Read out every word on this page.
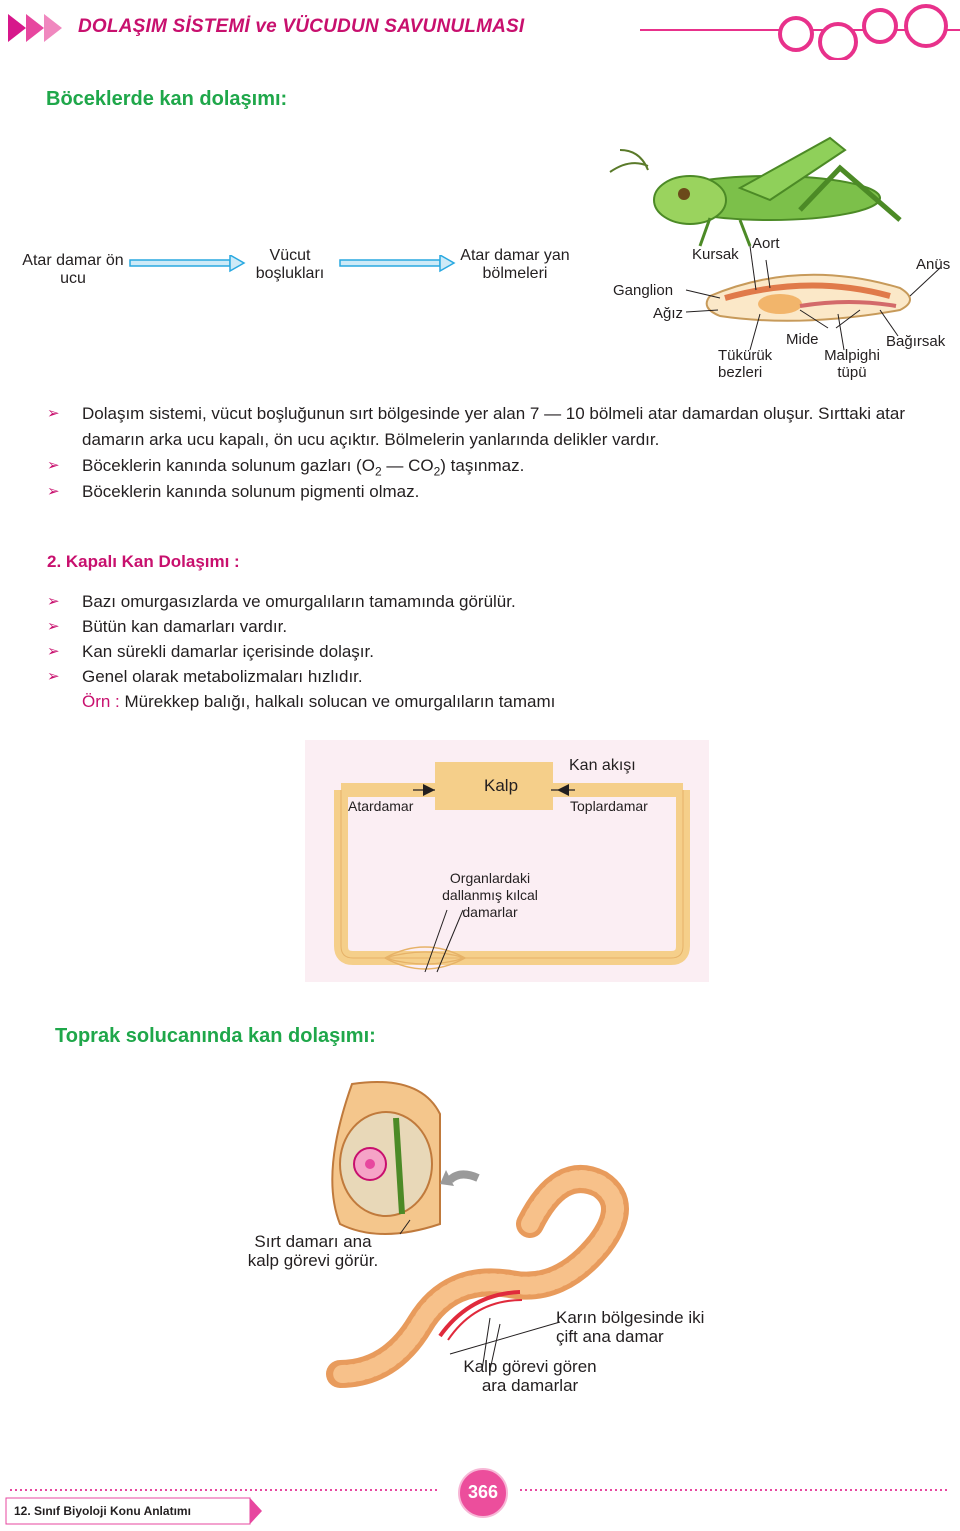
DOLAŞIM SİSTEMİ ve VÜCUDUN SAVUNULMASI
Böceklerde kan dolaşımı:
Atar damar ön ucu
Vücut boşlukları
Atar damar yan bölmeleri
Kursak
Aort
Anüs
Ganglion
Ağız
Mide	Bağırsak
Tükürük bezleri
Malpighi tüpü
➢ Dolaşım sistemi, vücut boşluğunun sırt bölgesinde yer alan 7 — 10 bölmeli atar damardan oluşur. Sırttaki atar damarın arka ucu kapalı, ön ucu açıktır. Bölmelerin yanlarında delikler vardır.
➢ Böceklerin kanında solunum gazları ($O_2$ — $CO_2$) taşınmaz.
➢ Böceklerin kanında solunum pigmenti olmaz.
2. Kapalı Kan Dolaşımı :
➢ Bazı omurgasızlarda ve omurgalıların tamamında görülür.
➢ Bütün kan damarları vardır.
➢ Kan sürekli damarlar içerisinde dolaşır.
➢ Genel olarak metabolizmaları hızlıdır.
Örn : Mürekkep balığı, halkalı solucan ve omurgalıların tamamı
Kalp
Kan akışı
Atardamar	Toplardamar
Organlardaki dallanmış kılcal damarlar
Toprak solucanında kan dolaşımı:
Sırt damarı ana kalp görevi görür.
Karın bölgesinde iki çift ana damar
Kalp görevi gören ara damarlar
12. Sınıf Biyoloji Konu Anlatımı
366
